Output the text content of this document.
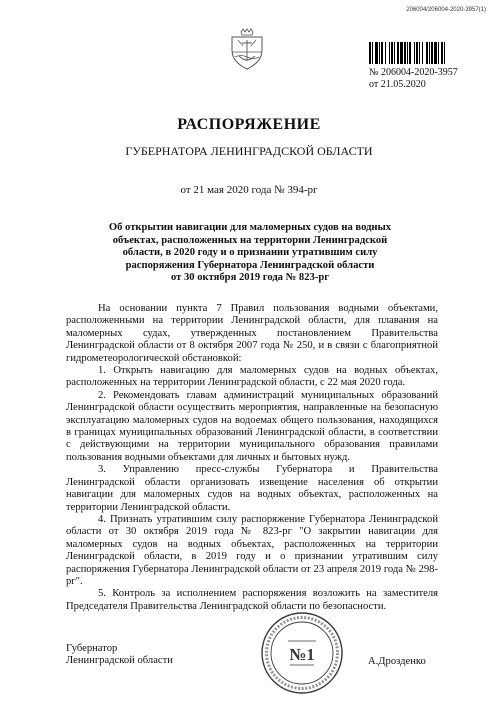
206004/206004-2020-3957(1)
№ 206004-2020-3957
от 21.05.2020
РАСПОРЯЖЕНИЕ
ГУБЕРНАТОРА ЛЕНИНГРАДСКОЙ ОБЛАСТИ
от 21 мая 2020 года № 394-рг
Об открытии навигации для маломерных судов на водных
объектах, расположенных на территории Ленинградской
области, в 2020 году и о признании утратившим силу
распоряжения Губернатора Ленинградской области
от 30 октября 2019 года № 823-рг

На основании пункта 7 Правил пользования водными объектами, расположенными на территории Ленинградской области, для плавания на маломерных судах, утвержденных постановлением Правительства Ленинградской области от 8 октября 2007 года № 250, и в связи с благоприятной гидрометеорологической обстановкой:

1. Открыть навигацию для маломерных судов на водных объектах, расположенных на территории Ленинградской области, с 22 мая 2020 года.

2. Рекомендовать главам администраций муниципальных образований Ленинградской области осуществить мероприятия, направленные на безопасную эксплуатацию маломерных судов на водоемах общего пользования, находящихся в границах муниципальных образований Ленинградской области, в соответствии с действующими на территории муниципального образования правилами пользования водными объектами для личных и бытовых нужд.

3. Управлению пресс-службы Губернатора и Правительства Ленинградской области организовать извещение населения об открытии навигации для маломерных судов на водных объектах, расположенных на территории Ленинградской области.

4. Признать утратившим силу распоряжение Губернатора Ленинградской области от 30 октября 2019 года № 823-рг "О закрытии навигации для маломерных судов на водных объектах, расположенных на территории Ленинградской области, в 2019 году и о признании утратившим силу распоряжения Губернатора Ленинградской области от 23 апреля 2019 года № 298-рг".

5. Контроль за исполнением распоряжения возложить на заместителя Председателя Правительства Ленинградской области по безопасности.

Губернатор
Ленинградской области	№1	А.Дрозденко
